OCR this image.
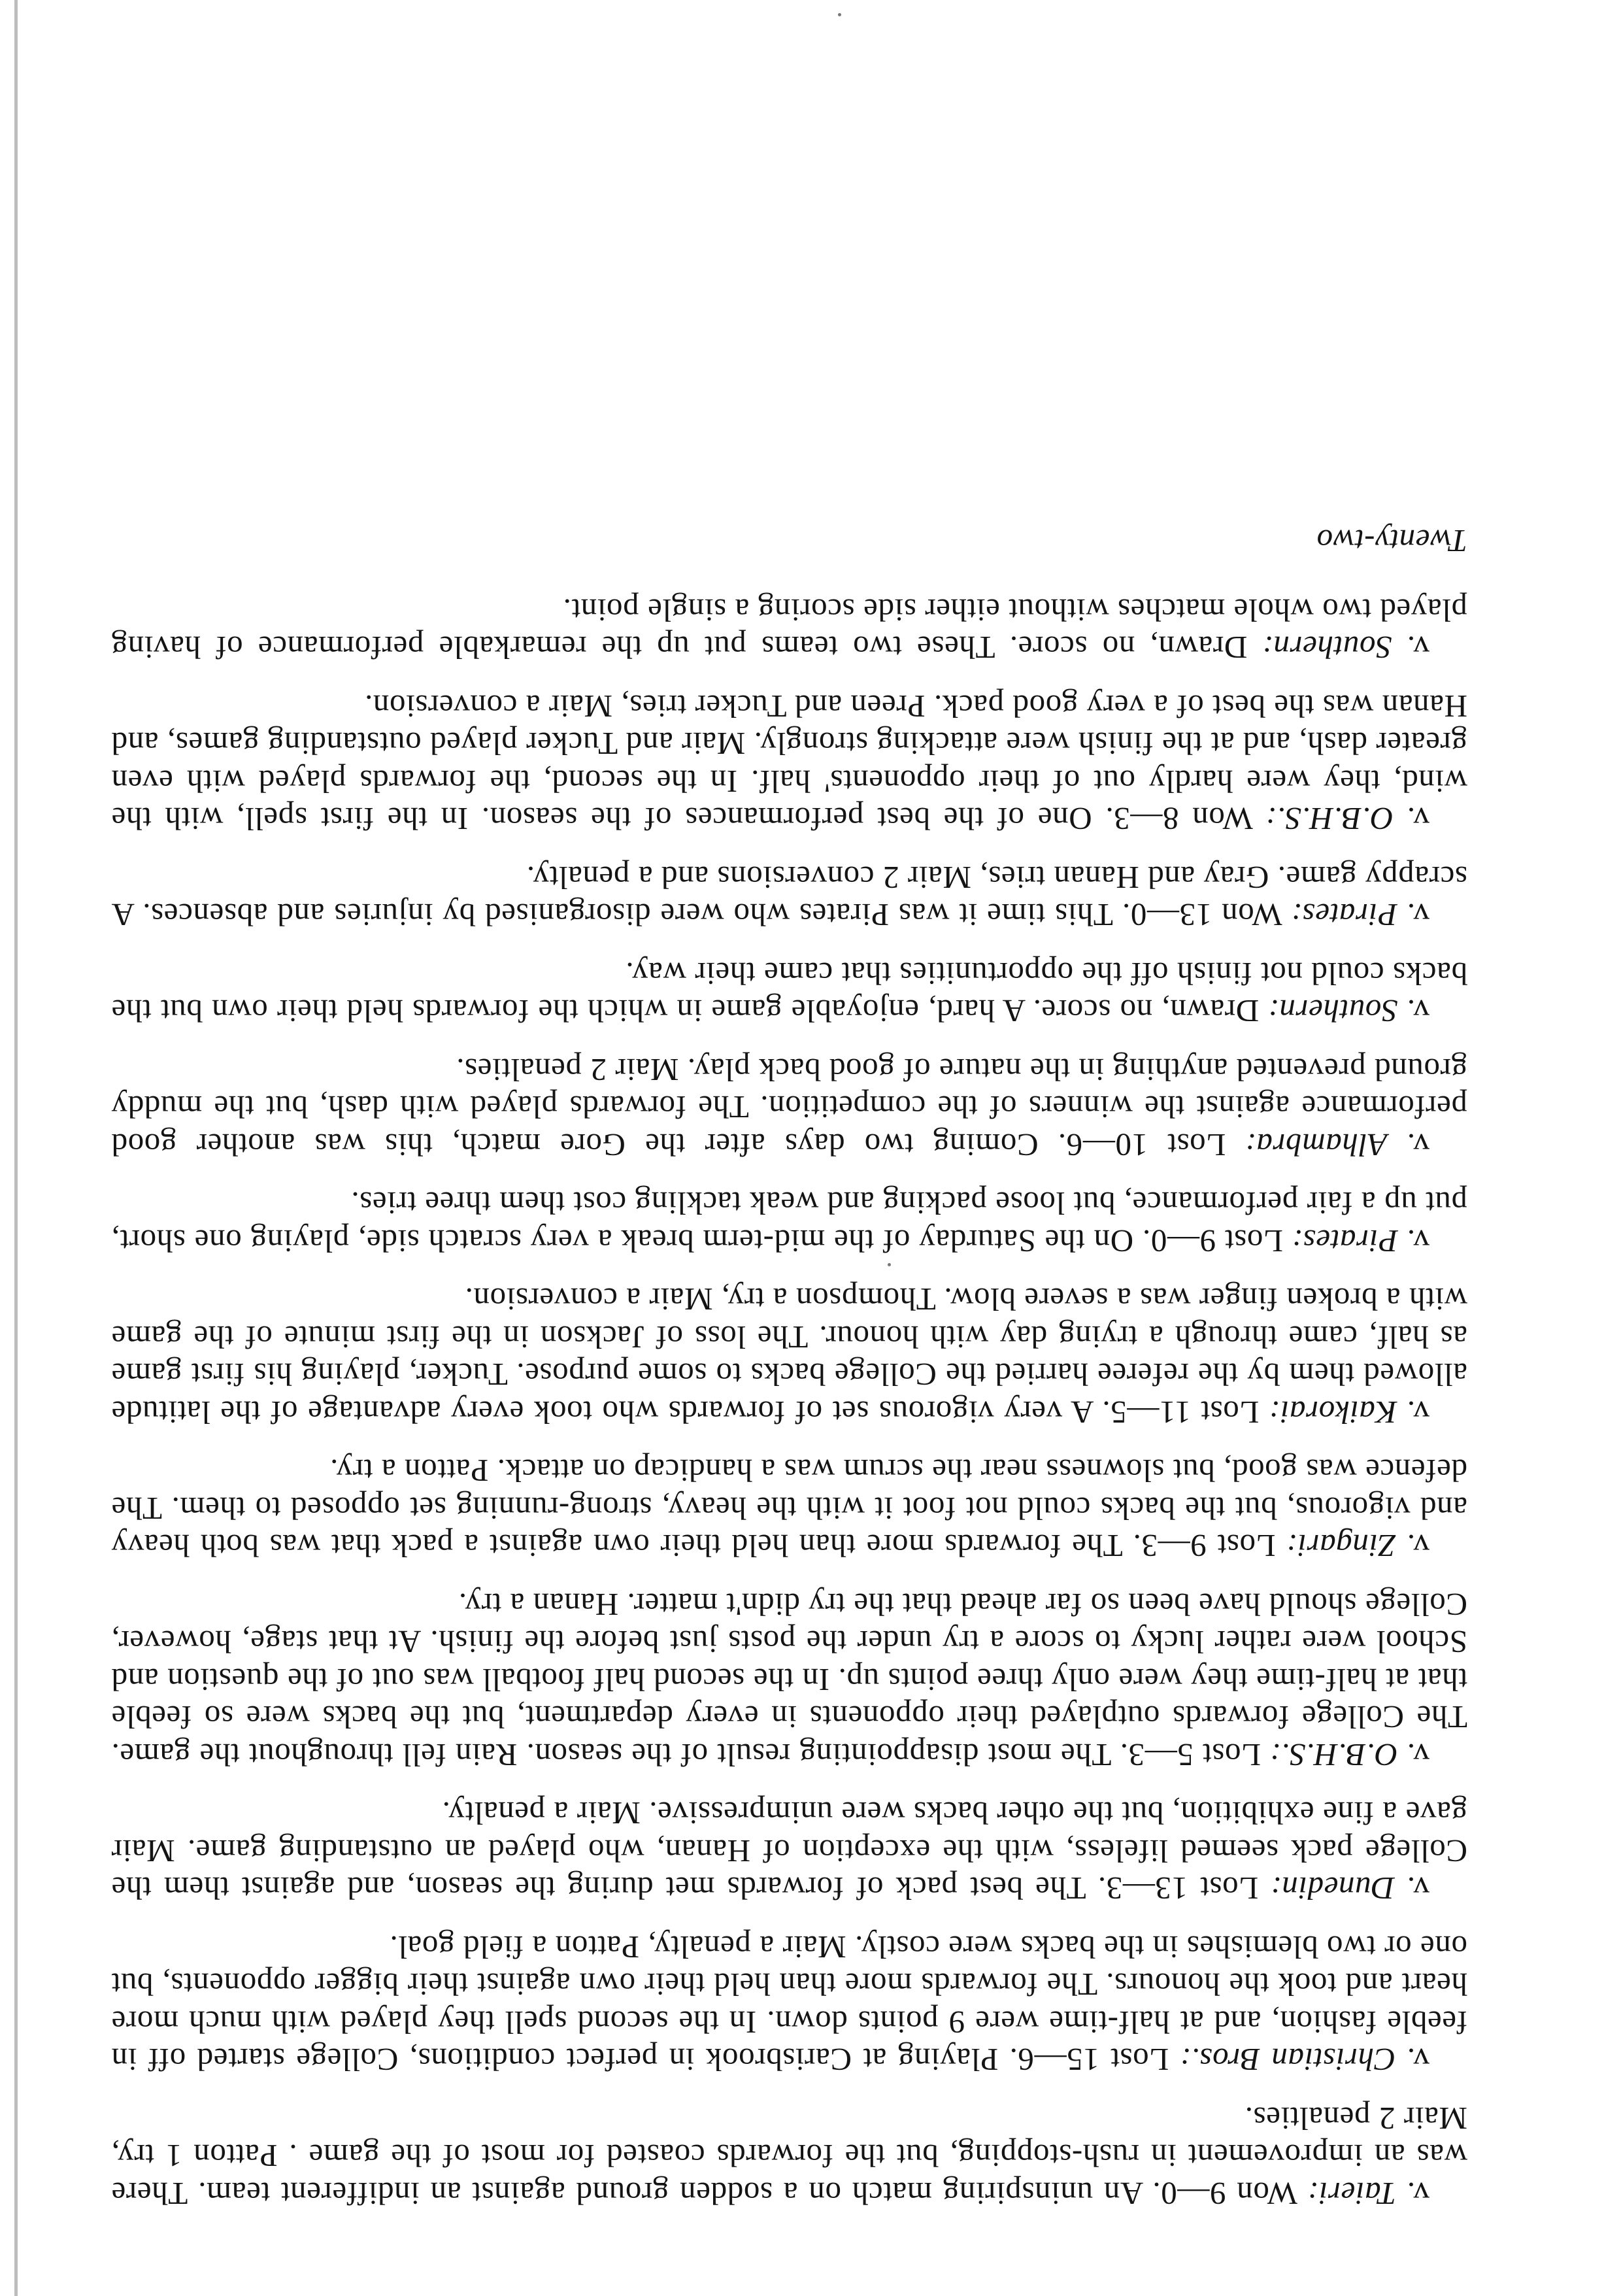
v. Taieri: Won 9—0. An uninspiring match on a sodden ground against an indifferent team. There was an improvement in rush-stopping, but the forwards coasted for most of the game . Patton 1 try, Mair 2 penalties.

v. Christian Bros.: Lost 15—6. Playing at Carisbrook in perfect conditions, College started off in feeble fashion, and at half-time were 9 points down. In the second spell they played with much more heart and took the honours. The forwards more than held their own against their bigger opponents, but one or two blemishes in the backs were costly. Mair a penalty, Patton a field goal.

v. Dunedin: Lost 13—3. The best pack of forwards met during the season, and against them the College pack seemed lifeless, with the exception of Hanan, who played an outstanding game. Mair gave a fine exhibition, but the other backs were unimpressive. Mair a penalty.

v. O.B.H.S.: Lost 5—3. The most disappointing result of the season. Rain fell throughout the game. The College forwards outplayed their opponents in every department, but the backs were so feeble that at half-time they were only three points up. In the second half football was out of the question and School were rather lucky to score a try under the posts just before the finish. At that stage, however, College should have been so far ahead that the try didn't matter. Hanan a try.

v. Zingari: Lost 9—3. The forwards more than held their own against a pack that was both heavy and vigorous, but the backs could not foot it with the heavy, strong-running set opposed to them. The defence was good, but slowness near the scrum was a handicap on attack. Patton a try.

v. Kaikorai: Lost 11—5. A very vigorous set of forwards who took every advantage of the latitude allowed them by the referee harried the College backs to some purpose. Tucker, playing his first game as half, came through a trying day with honour. The loss of Jackson in the first minute of the game with a broken finger was a severe blow. Thompson a try, Mair a conversion.

v. Pirates: Lost 9—0. On the Saturday of the mid-term break a very scratch side, playing one short, put up a fair performance, but loose packing and weak tackling cost them three tries.

v. Alhambra: Lost 10—6. Coming two days after the Gore match, this was another good performance against the winners of the competition. The forwards played with dash, but the muddy ground prevented anything in the nature of good back play. Mair 2 penalties.

v. Southern: Drawn, no score. A hard, enjoyable game in which the forwards held their own but the backs could not finish off the opportunities that came their way.

v. Pirates: Won 13—0. This time it was Pirates who were disorganised by injuries and absences. A scrappy game. Gray and Hanan tries, Mair 2 conversions and a penalty.

v. O.B.H.S.: Won 8—3. One of the best performances of the season. In the first spell, with the wind, they were hardly out of their opponents' half. In the second, the forwards played with even greater dash, and at the finish were attacking strongly. Mair and Tucker played outstanding games, and Hanan was the best of a very good pack. Preen and Tucker tries, Mair a conversion.

v. Southern: Drawn, no score. These two teams put up the remarkable performance of having played two whole matches without either side scoring a single point.

Twenty-two
